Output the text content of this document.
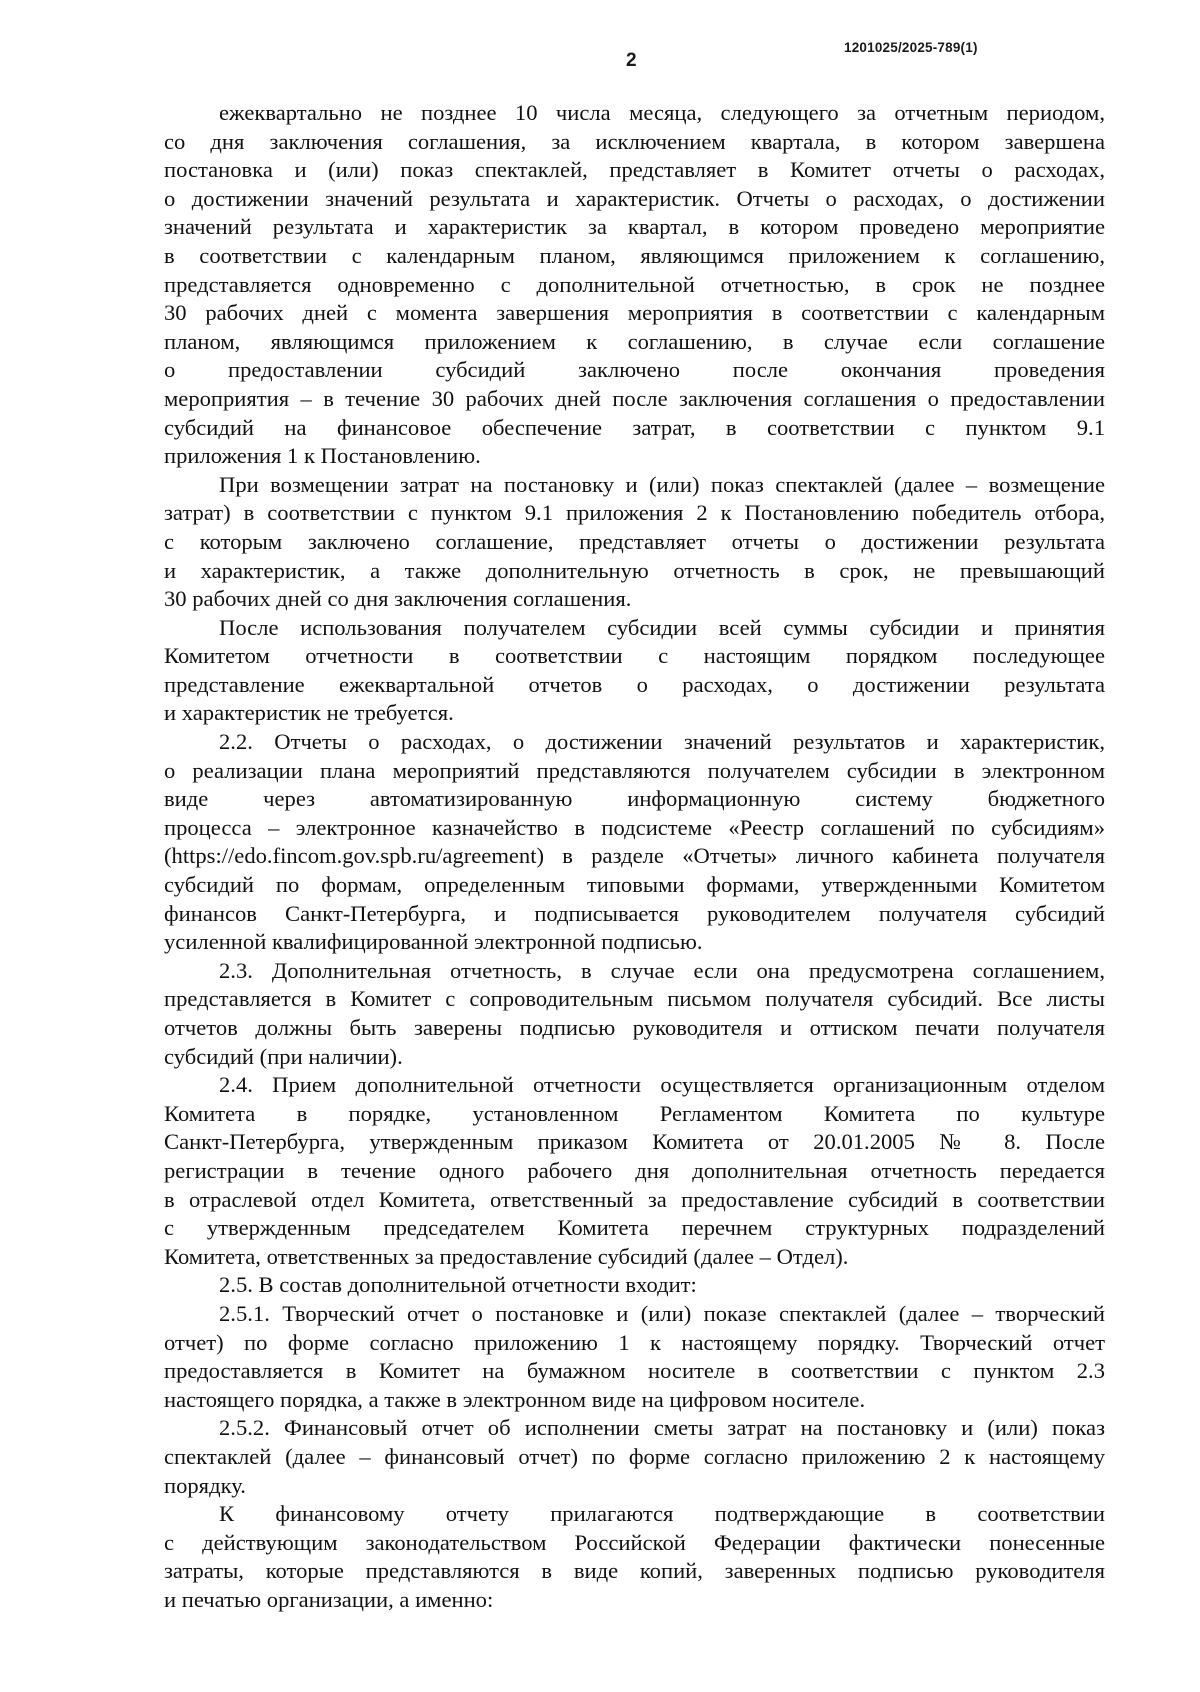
1201025/2025-789(1)
2
ежеквартально не позднее 10 числа месяца, следующего за отчетным периодом,
со дня заключения соглашения, за исключением квартала, в котором завершена
постановка и (или) показ спектаклей, представляет в Комитет отчеты о расходах,
о достижении значений результата и характеристик. Отчеты о расходах, о достижении
значений результата и характеристик за квартал, в котором проведено мероприятие
в соответствии с календарным планом, являющимся приложением к соглашению,
представляется одновременно с дополнительной отчетностью, в срок не позднее
30 рабочих дней с момента завершения мероприятия в соответствии с календарным
планом, являющимся приложением к соглашению, в случае если соглашение
о предоставлении субсидий заключено после окончания проведения
мероприятия – в течение 30 рабочих дней после заключения соглашения о предоставлении
субсидий на финансовое обеспечение затрат, в соответствии с пунктом 9.1
приложения 1 к Постановлению.
При возмещении затрат на постановку и (или) показ спектаклей (далее – возмещение
затрат) в соответствии с пунктом 9.1 приложения 2 к Постановлению победитель отбора,
с которым заключено соглашение, представляет отчеты о достижении результата
и характеристик, а также дополнительную отчетность в срок, не превышающий
30 рабочих дней со дня заключения соглашения.
После использования получателем субсидии всей суммы субсидии и принятия
Комитетом отчетности в соответствии с настоящим порядком последующее
представление ежеквартальной отчетов о расходах, о достижении результата
и характеристик не требуется.
2.2. Отчеты о расходах, о достижении значений результатов и характеристик,
о реализации плана мероприятий представляются получателем субсидии в электронном
виде через автоматизированную информационную систему бюджетного
процесса – электронное казначейство в подсистеме «Реестр соглашений по субсидиям»
(https://edo.fincom.gov.spb.ru/agreement) в разделе «Отчеты» личного кабинета получателя
субсидий по формам, определенным типовыми формами, утвержденными Комитетом
финансов Санкт-Петербурга, и подписывается руководителем получателя субсидий
усиленной квалифицированной электронной подписью.
2.3. Дополнительная отчетность, в случае если она предусмотрена соглашением,
представляется в Комитет с сопроводительным письмом получателя субсидий. Все листы
отчетов должны быть заверены подписью руководителя и оттиском печати получателя
субсидий (при наличии).
2.4. Прием дополнительной отчетности осуществляется организационным отделом
Комитета в порядке, установленном Регламентом Комитета по культуре
Санкт-Петербурга, утвержденным приказом Комитета от 20.01.2005 № 8. После
регистрации в течение одного рабочего дня дополнительная отчетность передается
в отраслевой отдел Комитета, ответственный за предоставление субсидий в соответствии
с утвержденным председателем Комитета перечнем структурных подразделений
Комитета, ответственных за предоставление субсидий (далее – Отдел).
2.5. В состав дополнительной отчетности входит:
2.5.1. Творческий отчет о постановке и (или) показе спектаклей (далее – творческий
отчет) по форме согласно приложению 1 к настоящему порядку. Творческий отчет
предоставляется в Комитет на бумажном носителе в соответствии с пунктом 2.3
настоящего порядка, а также в электронном виде на цифровом носителе.
2.5.2. Финансовый отчет об исполнении сметы затрат на постановку и (или) показ
спектаклей (далее – финансовый отчет) по форме согласно приложению 2 к настоящему
порядку.
К финансовому отчету прилагаются подтверждающие в соответствии
с действующим законодательством Российской Федерации фактически понесенные
затраты, которые представляются в виде копий, заверенных подписью руководителя
и печатью организации, а именно:
